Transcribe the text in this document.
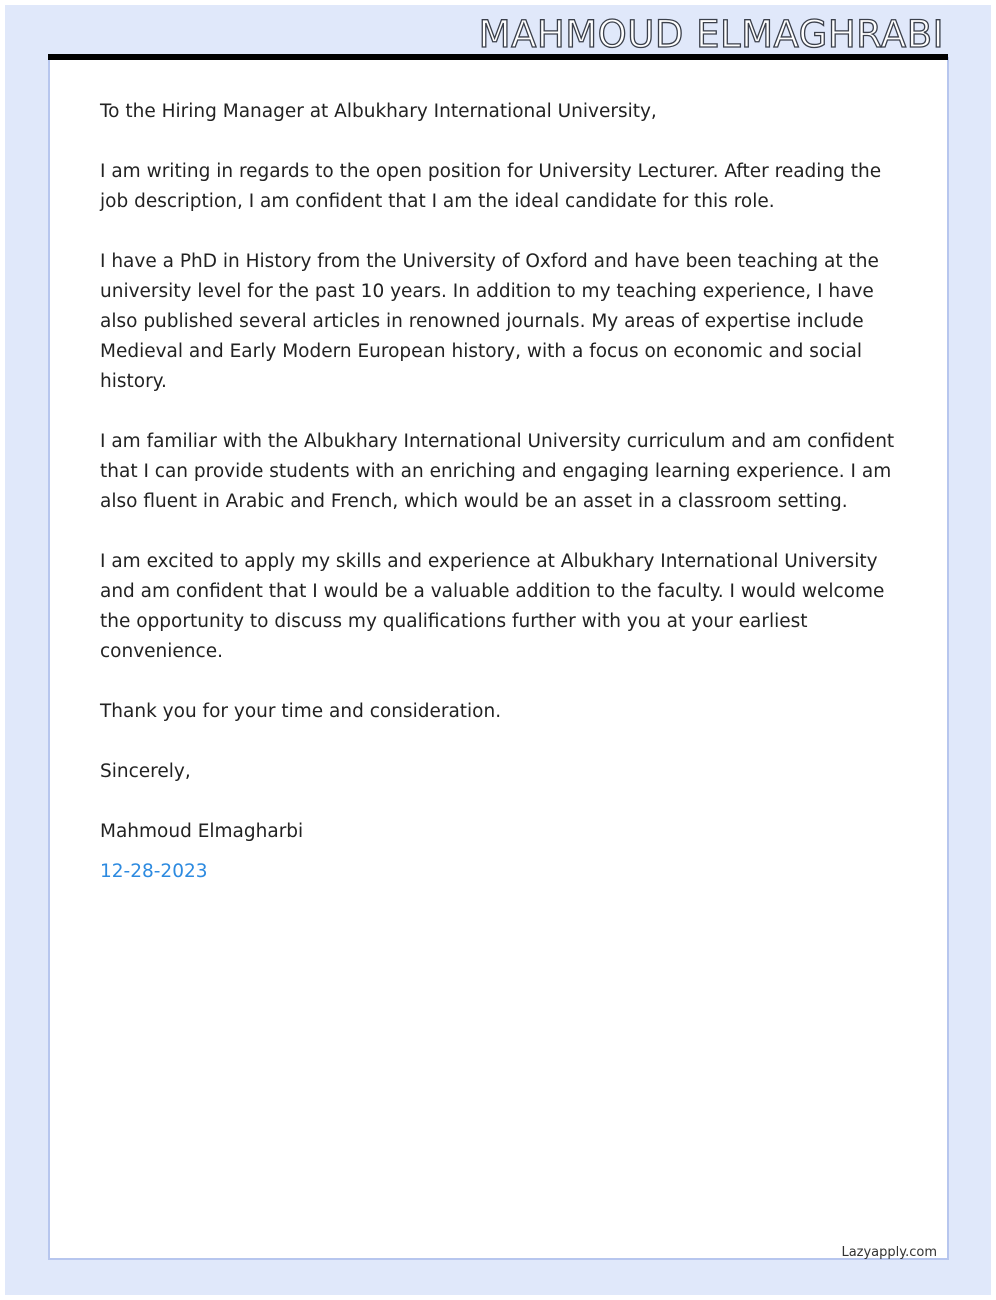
MAHMOUD ELMAGHRABI

To the Hiring Manager at Albukhary International University,

I am writing in regards to the open position for University Lecturer. After reading the job description, I am confident that I am the ideal candidate for this role.

I have a PhD in History from the University of Oxford and have been teaching at the university level for the past 10 years. In addition to my teaching experience, I have also published several articles in renowned journals. My areas of expertise include Medieval and Early Modern European history, with a focus on economic and social history.

I am familiar with the Albukhary International University curriculum and am confident that I can provide students with an enriching and engaging learning experience. I am also fluent in Arabic and French, which would be an asset in a classroom setting.

I am excited to apply my skills and experience at Albukhary International University and am confident that I would be a valuable addition to the faculty. I would welcome the opportunity to discuss my qualifications further with you at your earliest convenience.

Thank you for your time and consideration.

Sincerely,

Mahmoud Elmagharbi

12-28-2023

Lazyapply.com
